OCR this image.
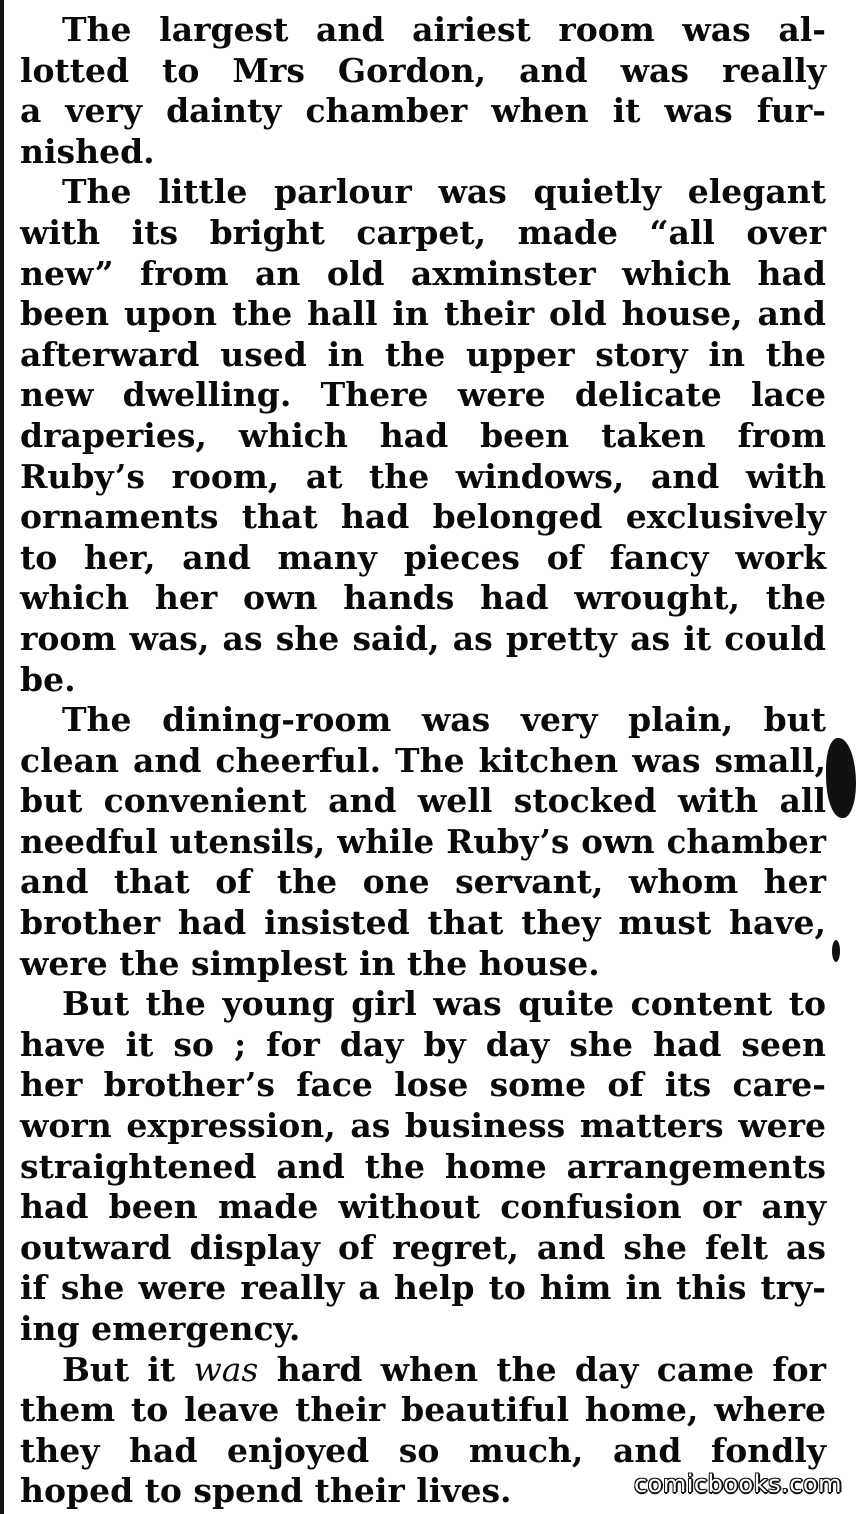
The largest and airiest room was al-
lotted to Mrs Gordon, and was really
a very dainty chamber when it was fur-
nished.

The little parlour was quietly elegant
with its bright carpet, made “all over
new” from an old axminster which had
been upon the hall in their old house, and
afterward used in the upper story in the
new dwelling. There were delicate lace
draperies, which had been taken from
Ruby’s room, at the windows, and with
ornaments that had belonged exclusively
to her, and many pieces of fancy work
which her own hands had wrought, the
room was, as she said, as pretty as it could
be.

The dining-room was very plain, but
clean and cheerful. The kitchen was small,
but convenient and well stocked with all
needful utensils, while Ruby’s own chamber
and that of the one servant, whom her
brother had insisted that they must have,
were the simplest in the house.

But the young girl was quite content to
have it so ; for day by day she had seen
her brother’s face lose some of its care-
worn expression, as business matters were
straightened and the home arrangements
had been made without confusion or any
outward display of regret, and she felt as
if she were really a help to him in this try-
ing emergency.

But it was hard when the day came for
them to leave their beautiful home, where
they had enjoyed so much, and fondly
hoped to spend their lives.	comicbooks.com
